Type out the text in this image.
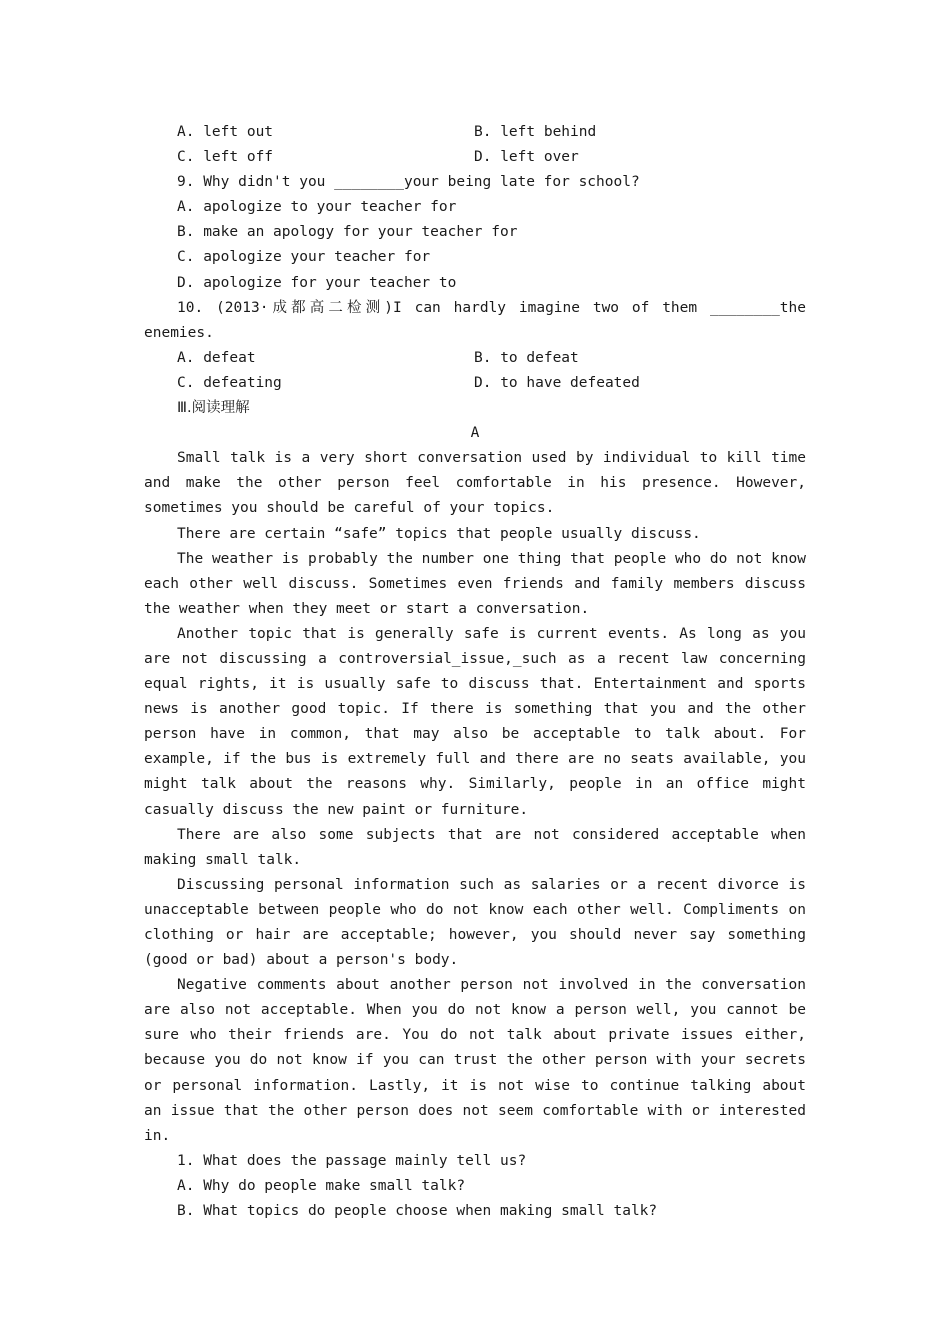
A. left out	B. left behind
C. left off	D. left over
9. Why didn't you ________your being late for school?
A. apologize to your teacher for
B. make an apology for your teacher for
C. apologize your teacher for
D. apologize for your teacher to
10. (2013·成都高二检测)I can hardly imagine two of them ________the enemies.
A. defeat	B. to defeat
C. defeating	D. to have defeated
Ⅲ.阅读理解
A
Small talk is a very short conversation used by individual to kill time and make the other person feel comfortable in his presence. However, sometimes you should be careful of your topics.
There are certain “safe” topics that people usually discuss.
The weather is probably the number one thing that people who do not know each other well discuss. Sometimes even friends and family members discuss the weather when they meet or start a conversation.
Another topic that is generally safe is current events. As long as you are not discussing a controversial_issue,_such as a recent law concerning equal rights, it is usually safe to discuss that. Entertainment and sports news is another good topic. If there is something that you and the other person have in common, that may also be acceptable to talk about. For example, if the bus is extremely full and there are no seats available, you might talk about the reasons why. Similarly, people in an office might casually discuss the new paint or furniture.
There are also some subjects that are not considered acceptable when making small talk.
Discussing personal information such as salaries or a recent divorce is unacceptable between people who do not know each other well. Compliments on clothing or hair are acceptable; however, you should never say something (good or bad) about a person's body.
Negative comments about another person not involved in the conversation are also not acceptable. When you do not know a person well, you cannot be sure who their friends are. You do not talk about private issues either, because you do not know if you can trust the other person with your secrets or personal information. Lastly, it is not wise to continue talking about an issue that the other person does not seem comfortable with or interested in.
1. What does the passage mainly tell us?
A. Why do people make small talk?
B. What topics do people choose when making small talk?
